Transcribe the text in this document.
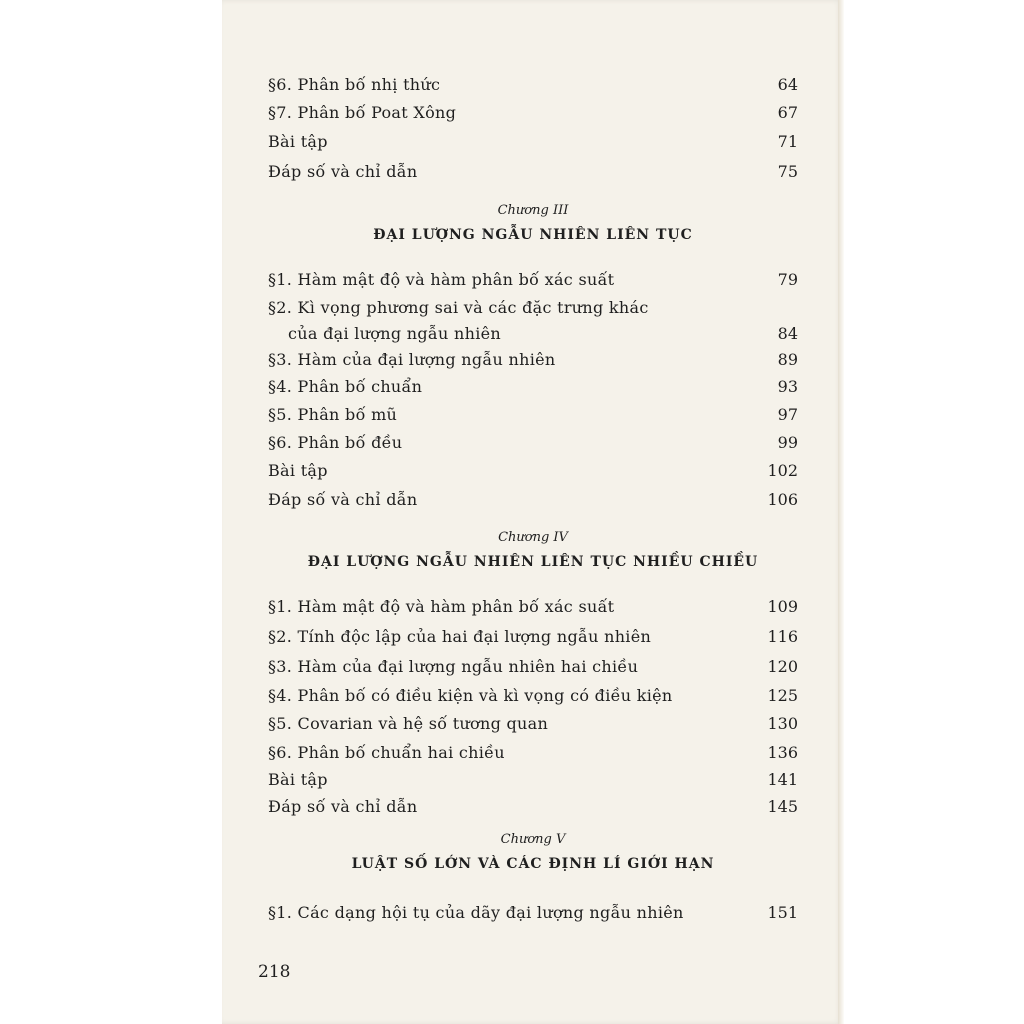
§6. Phân bố nhị thức	64
§7. Phân bố Poat Xông	67
Bài tập	71
Đáp số và chỉ dẫn	75
Chương III
ĐẠI LƯỢNG NGẪU NHIÊN LIÊN TỤC
§1. Hàm mật độ và hàm phân bố xác suất	79
§2. Kì vọng phương sai và các đặc trưng khác
của đại lượng ngẫu nhiên	84
§3. Hàm của đại lượng ngẫu nhiên	89
§4. Phân bố chuẩn	93
§5. Phân bố mũ	97
§6. Phân bố đều	99
Bài tập	102
Đáp số và chỉ dẫn	106
Chương IV
ĐẠI LƯỢNG NGẪU NHIÊN LIÊN TỤC NHIỀU CHIỀU
§1. Hàm mật độ và hàm phân bố xác suất	109
§2. Tính độc lập của hai đại lượng ngẫu nhiên	116
§3. Hàm của đại lượng ngẫu nhiên hai chiều	120
§4. Phân bố có điều kiện và kì vọng có điều kiện	125
§5. Covarian và hệ số tương quan	130
§6. Phân bố chuẩn hai chiều	136
Bài tập	141
Đáp số và chỉ dẫn	145
Chương V
LUẬT SỐ LỚN VÀ CÁC ĐỊNH LÍ GIỚI HẠN
§1. Các dạng hội tụ của dãy đại lượng ngẫu nhiên	151
218
